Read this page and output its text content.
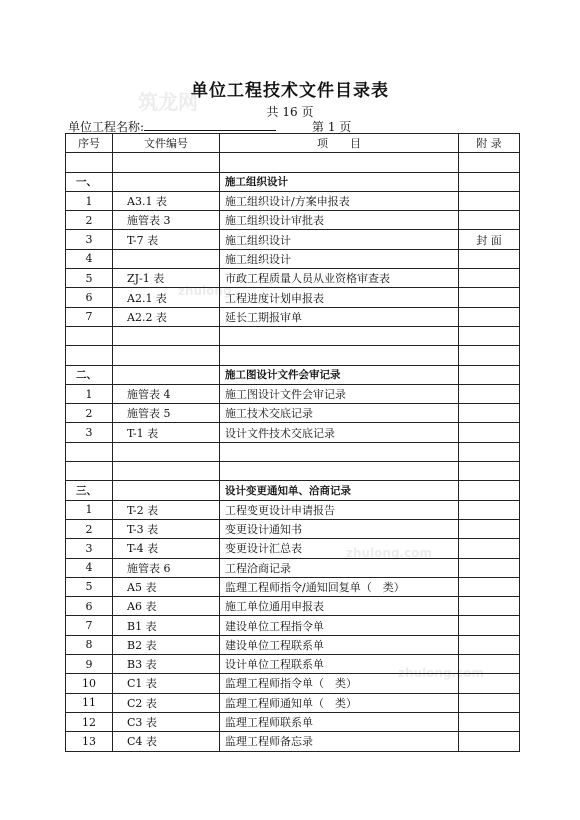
筑龙网
zhulong
zhulong.com
zhulong.com
单位工程技术文件目录表
共 16 页
单位工程名称:	第 1 页
序号	文件编号	项　　目	附 录

一、		施工组织设计	
1	A3.1 表	施工组织设计/方案申报表	
2	施管表 3	施工组织设计审批表	
3	T-7 表	施工组织设计	封 面
4		施工组织设计	
5	ZJ-1 表	市政工程质量人员从业资格审查表	
6	A2.1 表	工程进度计划申报表	
7	A2.2 表	延长工期报审单	

二、		施工图设计文件会审记录	
1	施管表 4	施工图设计文件会审记录	
2	施管表 5	施工技术交底记录	
3	T-1 表	设计文件技术交底记录	

三、		设计变更通知单、洽商记录	
1	T-2 表	工程变更设计申请报告	
2	T-3 表	变更设计通知书	
3	T-4 表	变更设计汇总表	
4	施管表 6	工程洽商记录	
5	A5 表	监理工程师指令/通知回复单（　类）	
6	A6 表	施工单位通用申报表	
7	B1 表	建设单位工程指令单	
8	B2 表	建设单位工程联系单	
9	B3 表	设计单位工程联系单	
10	C1 表	监理工程师指令单（　类）	
11	C2 表	监理工程师通知单（　类）	
12	C3 表	监理工程师联系单	
13	C4 表	监理工程师备忘录	
